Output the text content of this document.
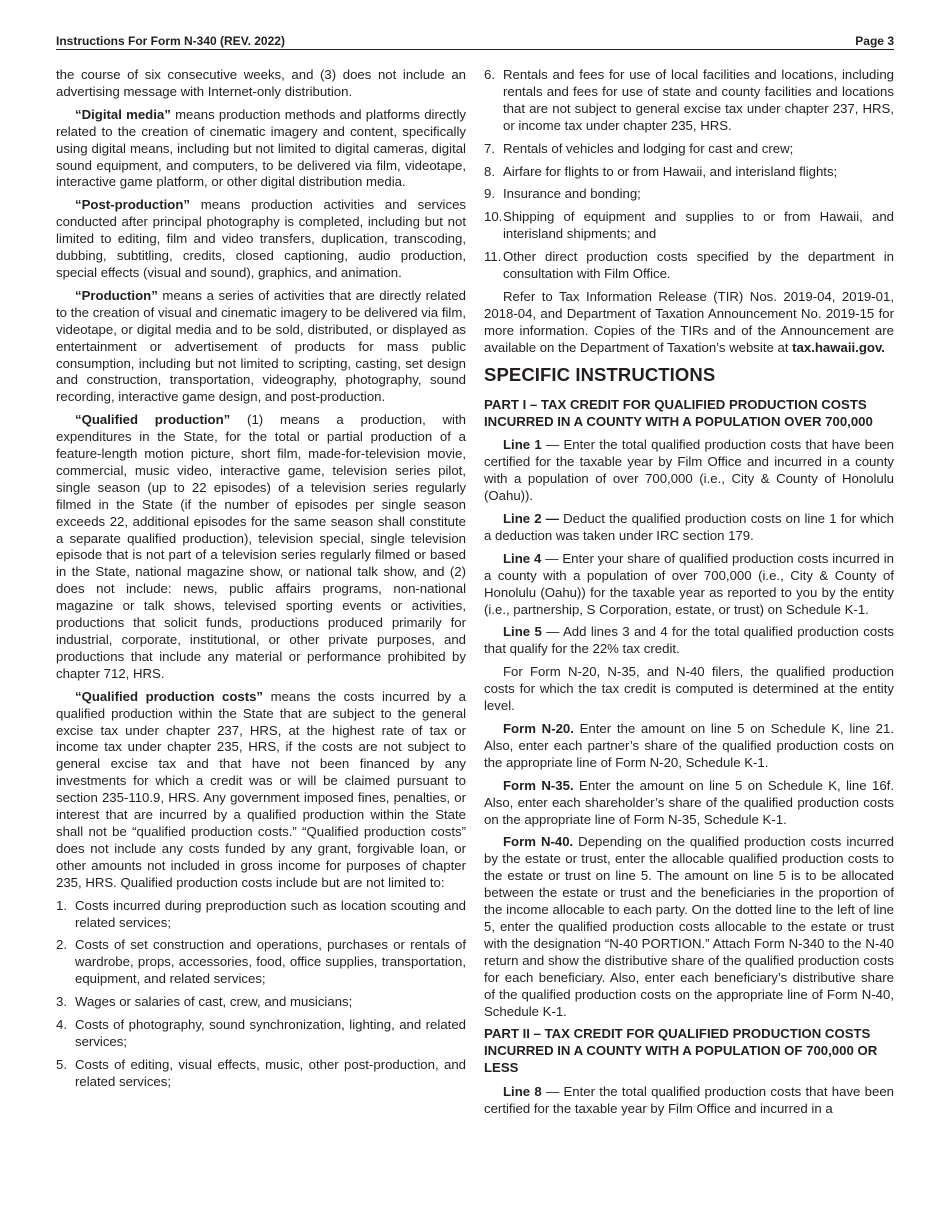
Instructions For Form N-340 (REV. 2022)	Page 3

the course of six consecutive weeks, and (3) does not include an advertising message with Internet-only distribution.

“Digital media” means production methods and platforms directly related to the creation of cinematic imagery and content, specifically using digital means, including but not limited to digital cameras, digital sound equipment, and computers, to be delivered via film, videotape, interactive game platform, or other digital distribution media.

“Post-production” means production activities and services conducted after principal photography is completed, including but not limited to editing, film and video transfers, duplication, transcoding, dubbing, subtitling, credits, closed captioning, audio production, special effects (visual and sound), graphics, and animation.

“Production” means a series of activities that are directly related to the creation of visual and cinematic imagery to be delivered via film, videotape, or digital media and to be sold, distributed, or displayed as entertainment or advertisement of products for mass public consumption, including but not limited to scripting, casting, set design and construction, transportation, videography, photography, sound recording, interactive game design, and post-production.

“Qualified production” (1) means a production, with expenditures in the State, for the total or partial production of a feature-length motion picture, short film, made-for-television movie, commercial, music video, interactive game, television series pilot, single season (up to 22 episodes) of a television series regularly filmed in the State (if the number of episodes per single season exceeds 22, additional episodes for the same season shall constitute a separate qualified production), television special, single television episode that is not part of a television series regularly filmed or based in the State, national magazine show, or national talk show, and (2) does not include: news, public affairs programs, non-national magazine or talk shows, televised sporting events or activities, productions that solicit funds, productions produced primarily for industrial, corporate, institutional, or other private purposes, and productions that include any material or performance prohibited by chapter 712, HRS.

“Qualified production costs” means the costs incurred by a qualified production within the State that are subject to the general excise tax under chapter 237, HRS, at the highest rate of tax or income tax under chapter 235, HRS, if the costs are not subject to general excise tax and that have not been financed by any investments for which a credit was or will be claimed pursuant to section 235-110.9, HRS. Any government imposed fines, penalties, or interest that are incurred by a qualified production within the State shall not be “qualified production costs.” “Qualified production costs” does not include any costs funded by any grant, forgivable loan, or other amounts not included in gross income for purposes of chapter 235, HRS. Qualified production costs include but are not limited to:

1. Costs incurred during preproduction such as location scouting and related services;
2. Costs of set construction and operations, purchases or rentals of wardrobe, props, accessories, food, office supplies, transportation, equipment, and related services;
3. Wages or salaries of cast, crew, and musicians;
4. Costs of photography, sound synchronization, lighting, and related services;
5. Costs of editing, visual effects, music, other post-production, and related services;
6. Rentals and fees for use of local facilities and locations, including rentals and fees for use of state and county facilities and locations that are not subject to general excise tax under chapter 237, HRS, or income tax under chapter 235, HRS.
7. Rentals of vehicles and lodging for cast and crew;
8. Airfare for flights to or from Hawaii, and interisland flights;
9. Insurance and bonding;
10. Shipping of equipment and supplies to or from Hawaii, and interisland shipments; and
11. Other direct production costs specified by the department in consultation with Film Office.

Refer to Tax Information Release (TIR) Nos. 2019-04, 2019-01, 2018-04, and Department of Taxation Announcement No. 2019-15 for more information. Copies of the TIRs and of the Announcement are available on the Department of Taxation’s website at tax.hawaii.gov.

SPECIFIC INSTRUCTIONS
PART I – TAX CREDIT FOR QUALIFIED PRODUCTION COSTS INCURRED IN A COUNTY WITH A POPULATION OVER 700,000

Line 1 — Enter the total qualified production costs that have been certified for the taxable year by Film Office and incurred in a county with a population of over 700,000 (i.e., City & County of Honolulu (Oahu)).

Line 2 — Deduct the qualified production costs on line 1 for which a deduction was taken under IRC section 179.

Line 4 — Enter your share of qualified production costs incurred in a county with a population of over 700,000 (i.e., City & County of Honolulu (Oahu)) for the taxable year as reported to you by the entity (i.e., partnership, S Corporation, estate, or trust) on Schedule K-1.

Line 5 — Add lines 3 and 4 for the total qualified production costs that qualify for the 22% tax credit.

For Form N-20, N-35, and N-40 filers, the qualified production costs for which the tax credit is computed is determined at the entity level.

Form N-20. Enter the amount on line 5 on Schedule K, line 21. Also, enter each partner’s share of the qualified production costs on the appropriate line of Form N-20, Schedule K-1.

Form N-35. Enter the amount on line 5 on Schedule K, line 16f. Also, enter each shareholder’s share of the qualified production costs on the appropriate line of Form N-35, Schedule K-1.

Form N-40. Depending on the qualified production costs incurred by the estate or trust, enter the allocable qualified production costs to the estate or trust on line 5. The amount on line 5 is to be allocated between the estate or trust and the beneficiaries in the proportion of the income allocable to each party. On the dotted line to the left of line 5, enter the qualified production costs allocable to the estate or trust with the designation “N-40 PORTION.” Attach Form N-340 to the N-40 return and show the distributive share of the qualified production costs for each beneficiary. Also, enter each beneficiary’s distributive share of the qualified production costs on the appropriate line of Form N-40, Schedule K-1.

PART II – TAX CREDIT FOR QUALIFIED PRODUCTION COSTS INCURRED IN A COUNTY WITH A POPULATION OF 700,000 OR LESS

Line 8 — Enter the total qualified production costs that have been certified for the taxable year by Film Office and incurred in a
